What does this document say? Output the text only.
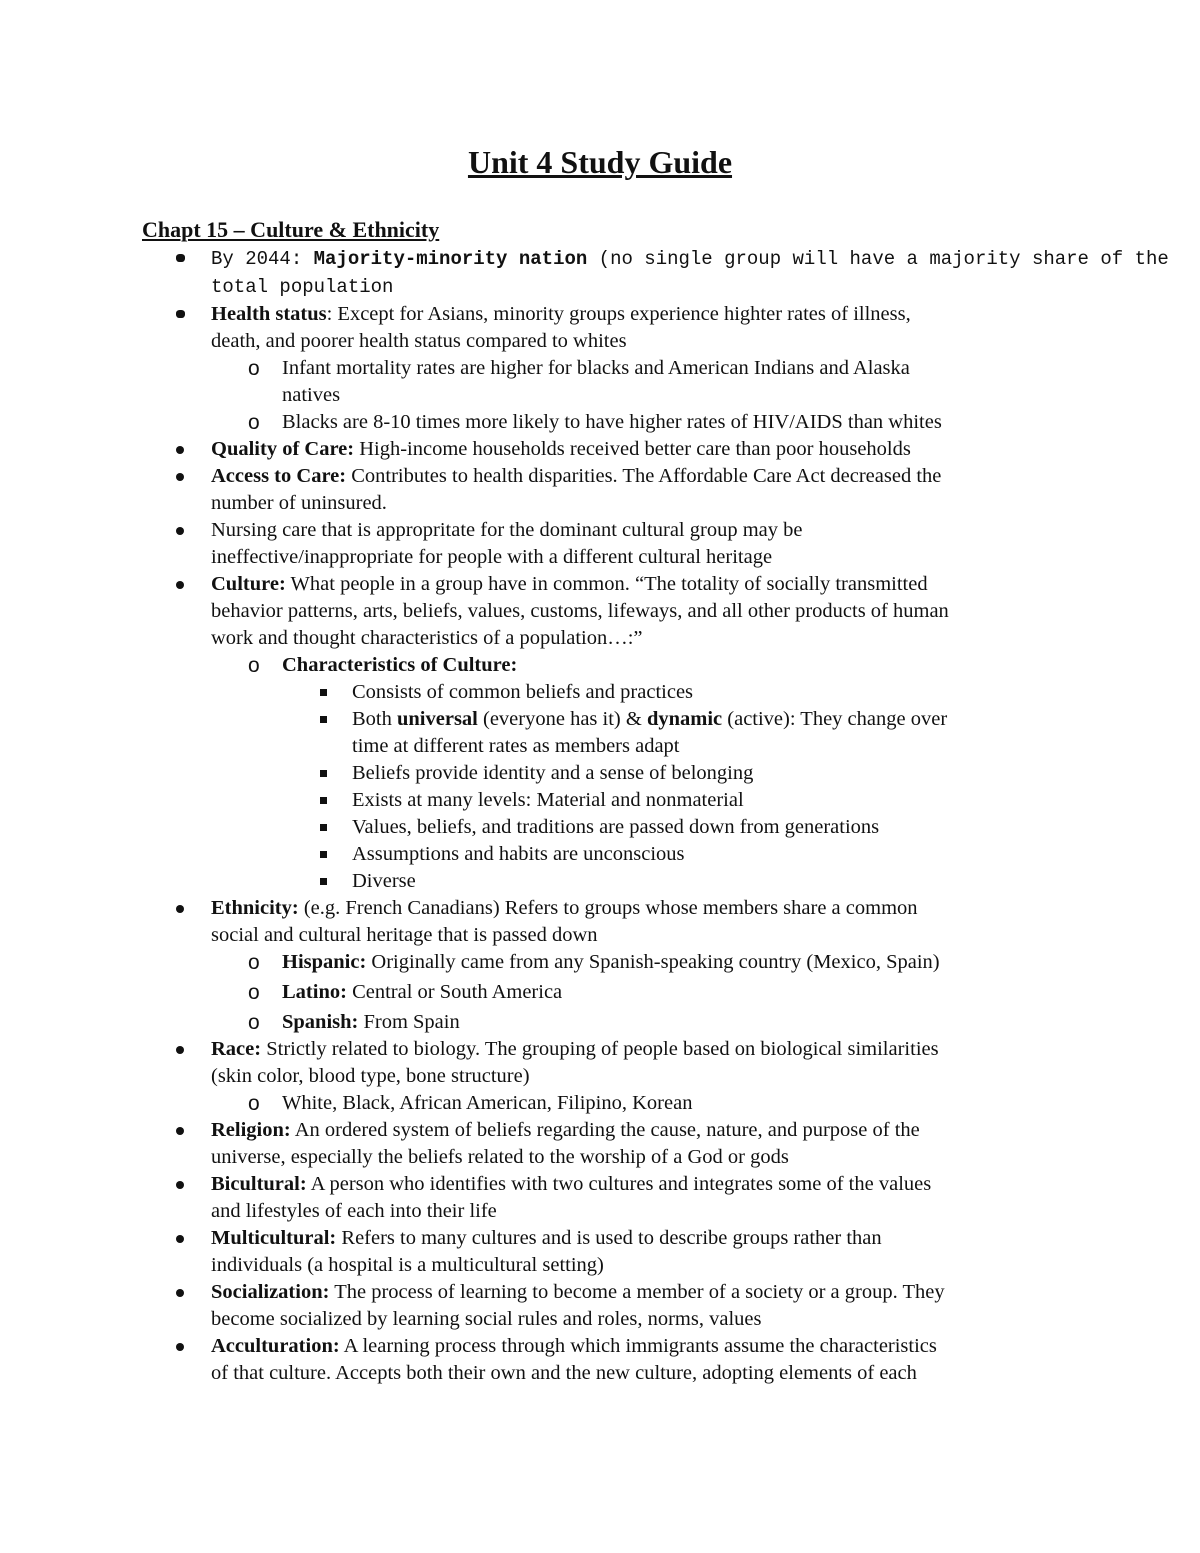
Unit 4 Study Guide
Chapt 15 – Culture & Ethnicity
By 2044: Majority-minority nation (no single group will have a majority share of the
total population
Health status: Except for Asians, minority groups experience highter rates of illness,
death, and poorer health status compared to whites
o Infant mortality rates are higher for blacks and American Indians and Alaska
natives
o Blacks are 8-10 times more likely to have higher rates of HIV/AIDS than whites
Quality of Care: High-income households received better care than poor households
Access to Care: Contributes to health disparities. The Affordable Care Act decreased the
number of uninsured.
Nursing care that is appropritate for the dominant cultural group may be
ineffective/inappropriate for people with a different cultural heritage
Culture: What people in a group have in common. “The totality of socially transmitted
behavior patterns, arts, beliefs, values, customs, lifeways, and all other products of human
work and thought characteristics of a population…:”
o Characteristics of Culture:
Consists of common beliefs and practices
Both universal (everyone has it) & dynamic (active): They change over
time at different rates as members adapt
Beliefs provide identity and a sense of belonging
Exists at many levels: Material and nonmaterial
Values, beliefs, and traditions are passed down from generations
Assumptions and habits are unconscious
Diverse
Ethnicity: (e.g. French Canadians) Refers to groups whose members share a common
social and cultural heritage that is passed down
o Hispanic: Originally came from any Spanish-speaking country (Mexico, Spain)
o Latino: Central or South America
o Spanish: From Spain
Race: Strictly related to biology. The grouping of people based on biological similarities
(skin color, blood type, bone structure)
o White, Black, African American, Filipino, Korean
Religion: An ordered system of beliefs regarding the cause, nature, and purpose of the
universe, especially the beliefs related to the worship of a God or gods
Bicultural: A person who identifies with two cultures and integrates some of the values
and lifestyles of each into their life
Multicultural: Refers to many cultures and is used to describe groups rather than
individuals (a hospital is a multicultural setting)
Socialization: The process of learning to become a member of a society or a group. They
become socialized by learning social rules and roles, norms, values
Acculturation: A learning process through which immigrants assume the characteristics
of that culture. Accepts both their own and the new culture, adopting elements of each
